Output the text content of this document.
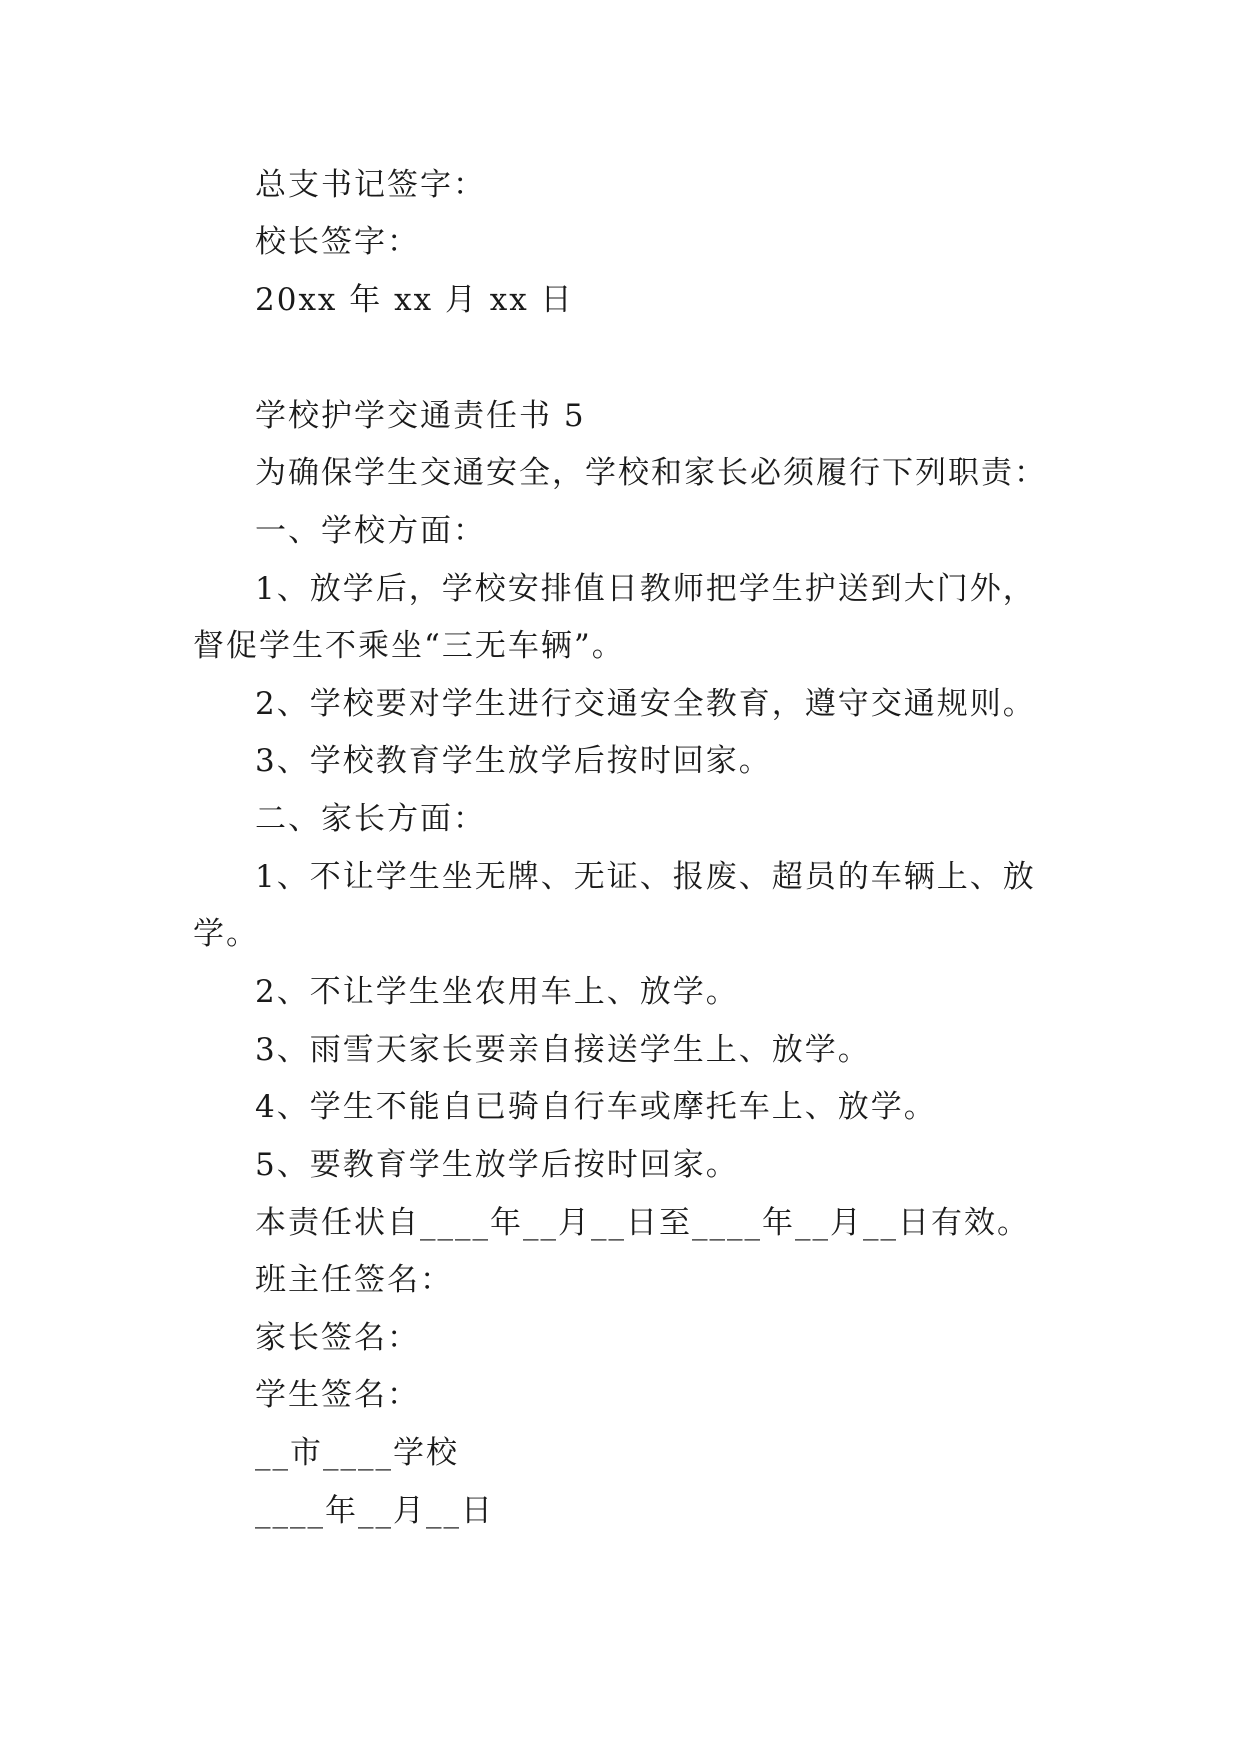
总支书记签字：
校长签字：
20xx 年 xx 月 xx 日
学校护学交通责任书 5
为确保学生交通安全，学校和家长必须履行下列职责：
一、学校方面：
1、放学后，学校安排值日教师把学生护送到大门外，
督促学生不乘坐“三无车辆”。
2、学校要对学生进行交通安全教育，遵守交通规则。
3、学校教育学生放学后按时回家。
二、家长方面：
1、不让学生坐无牌、无证、报废、超员的车辆上、放
学。
2、不让学生坐农用车上、放学。
3、雨雪天家长要亲自接送学生上、放学。
4、学生不能自已骑自行车或摩托车上、放学。
5、要教育学生放学后按时回家。
本责任状自____年__月__日至____年__月__日有效。
班主任签名：
家长签名：
学生签名：
__市____学校
____年__月__日
